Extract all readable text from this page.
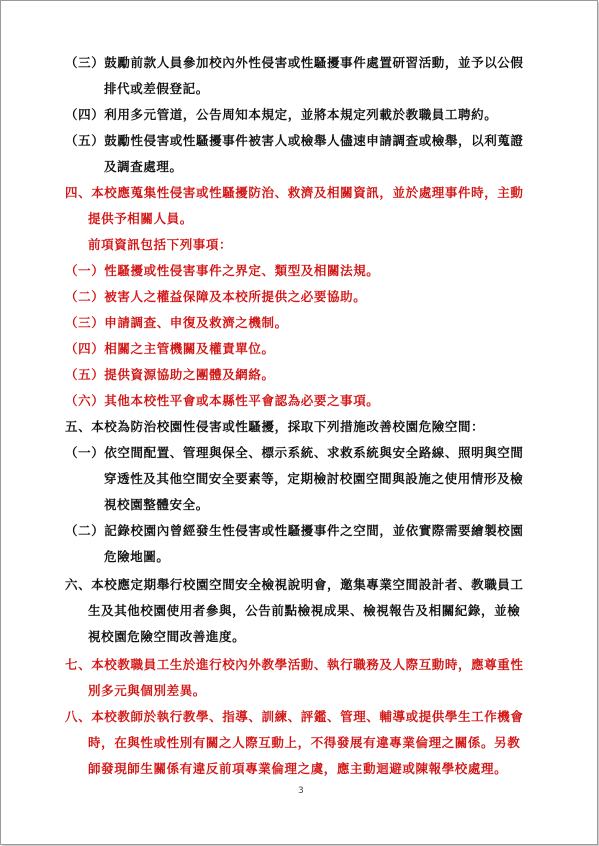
（三）鼓勵前款人員參加校內外性侵害或性騷擾事件處置研習活動，並予以公假
排代或差假登記。
（四）利用多元管道，公告周知本規定，並將本規定列載於教職員工聘約。
（五）鼓勵性侵害或性騷擾事件被害人或檢舉人儘速申請調查或檢舉，以利蒐證
及調查處理。
四、本校應蒐集性侵害或性騷擾防治、救濟及相關資訊，並於處理事件時，主動
提供予相關人員。
前項資訊包括下列事項：
（一）性騷擾或性侵害事件之界定、類型及相關法規。
（二）被害人之權益保障及本校所提供之必要協助。
（三）申請調查、申復及救濟之機制。
（四）相關之主管機關及權責單位。
（五）提供資源協助之團體及網絡。
（六）其他本校性平會或本縣性平會認為必要之事項。
五、本校為防治校園性侵害或性騷擾，採取下列措施改善校園危險空間：
（一）依空間配置、管理與保全、標示系統、求救系統與安全路線、照明與空間
穿透性及其他空間安全要素等，定期檢討校園空間與設施之使用情形及檢
視校園整體安全。
（二）記錄校園內曾經發生性侵害或性騷擾事件之空間，並依實際需要繪製校園
危險地圖。
六、本校應定期舉行校園空間安全檢視說明會，邀集專業空間設計者、教職員工
生及其他校園使用者參與，公告前點檢視成果、檢視報告及相關紀錄，並檢
視校園危險空間改善進度。
七、本校教職員工生於進行校內外教學活動、執行職務及人際互動時，應尊重性
別多元與個別差異。
八、本校教師於執行教學、指導、訓練、評鑑、管理、輔導或提供學生工作機會
時，在與性或性別有關之人際互動上，不得發展有違專業倫理之關係。另教
師發現師生關係有違反前項專業倫理之虞，應主動迴避或陳報學校處理。
3
